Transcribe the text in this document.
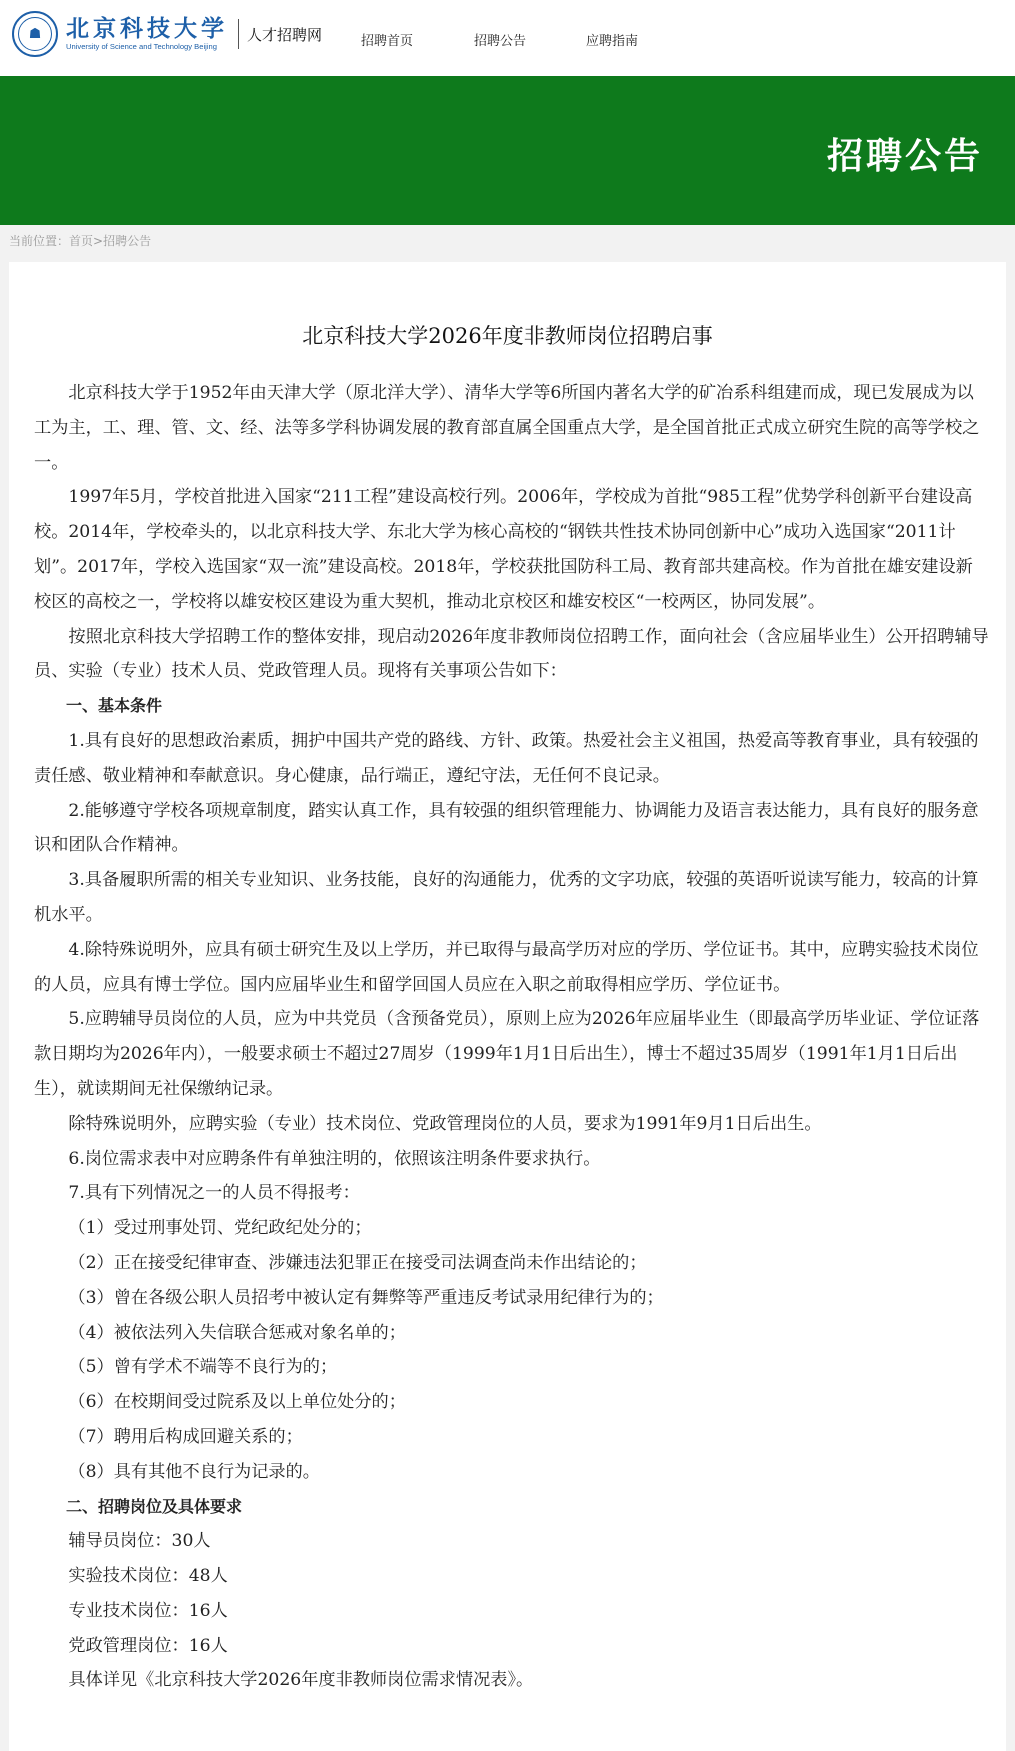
☗	北京科技大学
University of Science and Technology Beijing
人才招聘网	招聘首页	招聘公告	应聘指南
招聘公告
当前位置：首页>招聘公告
北京科技大学2026年度非教师岗位招聘启事

北京科技大学于1952年由天津大学（原北洋大学）、清华大学等6所国内著名大学的矿冶系科组建而成，现已发展成为以工为主，工、理、管、文、经、法等多学科协调发展的教育部直属全国重点大学，是全国首批正式成立研究生院的高等学校之一。

1997年5月，学校首批进入国家“211工程”建设高校行列。2006年，学校成为首批“985工程”优势学科创新平台建设高校。2014年，学校牵头的，以北京科技大学、东北大学为核心高校的“钢铁共性技术协同创新中心”成功入选国家“2011计划”。2017年，学校入选国家“双一流”建设高校。2018年，学校获批国防科工局、教育部共建高校。作为首批在雄安建设新校区的高校之一，学校将以雄安校区建设为重大契机，推动北京校区和雄安校区“一校两区，协同发展”。

按照北京科技大学招聘工作的整体安排，现启动2026年度非教师岗位招聘工作，面向社会（含应届毕业生）公开招聘辅导员、实验（专业）技术人员、党政管理人员。现将有关事项公告如下：

一、基本条件

1.具有良好的思想政治素质，拥护中国共产党的路线、方针、政策。热爱社会主义祖国，热爱高等教育事业，具有较强的责任感、敬业精神和奉献意识。身心健康，品行端正，遵纪守法，无任何不良记录。

2.能够遵守学校各项规章制度，踏实认真工作，具有较强的组织管理能力、协调能力及语言表达能力，具有良好的服务意识和团队合作精神。

3.具备履职所需的相关专业知识、业务技能，良好的沟通能力，优秀的文字功底，较强的英语听说读写能力，较高的计算机水平。

4.除特殊说明外，应具有硕士研究生及以上学历，并已取得与最高学历对应的学历、学位证书。其中，应聘实验技术岗位的人员，应具有博士学位。国内应届毕业生和留学回国人员应在入职之前取得相应学历、学位证书。

5.应聘辅导员岗位的人员，应为中共党员（含预备党员），原则上应为2026年应届毕业生（即最高学历毕业证、学位证落款日期均为2026年内），一般要求硕士不超过27周岁（1999年1月1日后出生），博士不超过35周岁（1991年1月1日后出生），就读期间无社保缴纳记录。

除特殊说明外，应聘实验（专业）技术岗位、党政管理岗位的人员，要求为1991年9月1日后出生。

6.岗位需求表中对应聘条件有单独注明的，依照该注明条件要求执行。

7.具有下列情况之一的人员不得报考：

（1）受过刑事处罚、党纪政纪处分的；

（2）正在接受纪律审查、涉嫌违法犯罪正在接受司法调查尚未作出结论的；

（3）曾在各级公职人员招考中被认定有舞弊等严重违反考试录用纪律行为的；

（4）被依法列入失信联合惩戒对象名单的；

（5）曾有学术不端等不良行为的；

（6）在校期间受过院系及以上单位处分的；

（7）聘用后构成回避关系的；

（8）具有其他不良行为记录的。

二、招聘岗位及具体要求

辅导员岗位：30人

实验技术岗位：48人

专业技术岗位：16人

党政管理岗位：16人

具体详见《北京科技大学2026年度非教师岗位需求情况表》。
